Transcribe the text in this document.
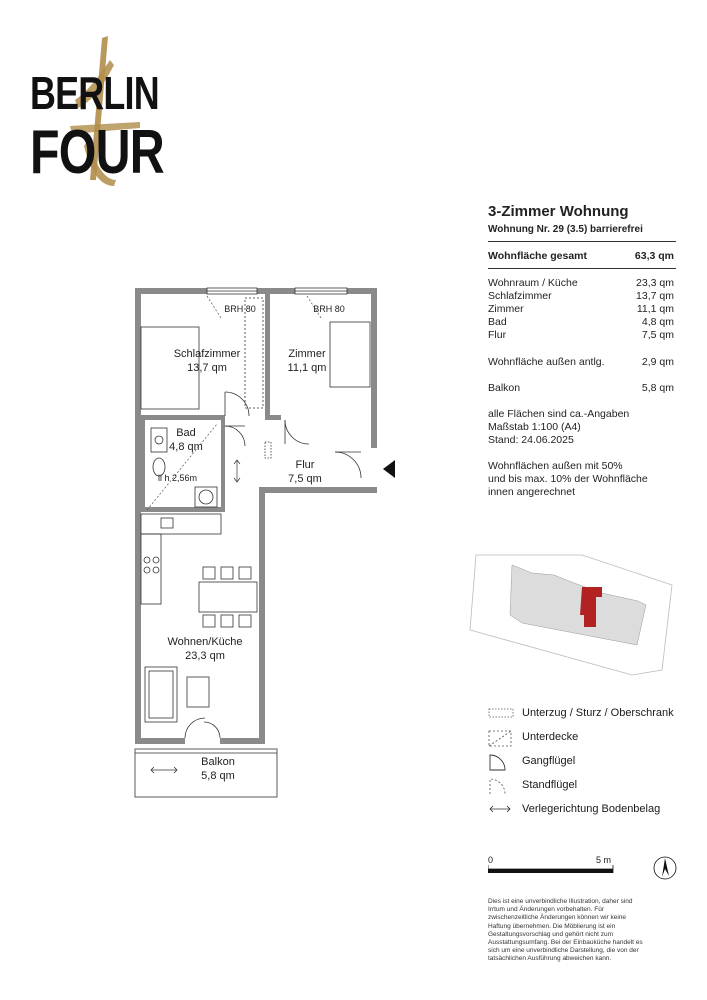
BERLIN
FOUR
BRH 80	BRH 80
Schlafzimmer
13,7 qm
Zimmer
11,1 qm
Bad
4,8 qm
li h 2,56m
Flur
7,5 qm
Wohnen/Küche
23,3 qm
Balkon
5,8 qm
3-Zimmer Wohnung
Wohnung Nr. 29 (3.5) barrierefrei
Wohnfläche gesamt	63,3 qm
Wohnraum / Küche	23,3 qm
Schlafzimmer	13,7 qm
Zimmer	11,1 qm
Bad	4,8 qm
Flur	7,5 qm
Wohnfläche außen antlg.	2,9 qm
Balkon	5,8 qm
alle Flächen sind ca.-Angaben
Maßstab 1:100 (A4)
Stand: 24.06.2025
Wohnflächen außen mit 50%
und bis max. 10% der Wohnfläche
innen angerechnet
Unterzug / Sturz / Oberschrank
Unterdecke
Gangflügel
Standflügel
Verlegerichtung Bodenbelag
0	5 m
Dies ist eine unverbindliche Illustration, daher sind
Irrtum und Änderungen vorbehalten. Für
zwischenzeitliche Änderungen können wir keine
Haftung übernehmen. Die Möblierung ist ein
Gestaltungsvorschlag und gehört nicht zum
Ausstattungsumfang. Bei der Einbauküche handelt es
sich um eine unverbindliche Darstellung, die von der
tatsächlichen Ausführung abweichen kann.
